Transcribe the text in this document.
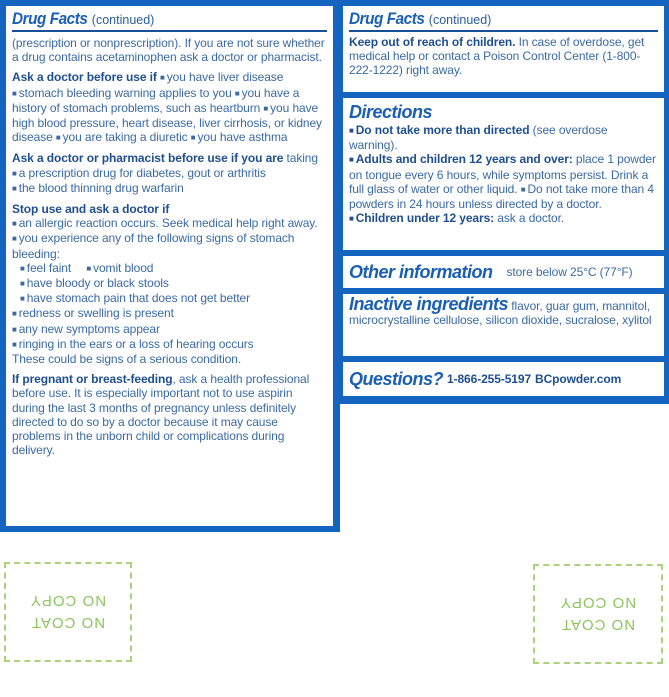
Drug Facts (continued)
(prescription or nonprescription). If you are not sure whether a drug contains acetaminophen ask a doctor or pharmacist.
Ask a doctor before use if ■ you have liver disease ■ stomach bleeding warning applies to you ■ you have a history of stomach problems, such as heartburn ■ you have high blood pressure, heart disease, liver cirrhosis, or kidney disease ■ you are taking a diuretic ■ you have asthma
Ask a doctor or pharmacist before use if you are taking
■ a prescription drug for diabetes, gout or arthritis
■ the blood thinning drug warfarin
Stop use and ask a doctor if
■ an allergic reaction occurs. Seek medical help right away. ■ you experience any of the following signs of stomach bleeding:
■ feel faint ■ vomit blood
■ have bloody or black stools
■ have stomach pain that does not get better
■ redness or swelling is present
■ any new symptoms appear
■ ringing in the ears or a loss of hearing occurs
These could be signs of a serious condition.
If pregnant or breast-feeding, ask a health professional before use. It is especially important not to use aspirin during the last 3 months of pregnancy unless definitely directed to do so by a doctor because it may cause problems in the unborn child or complications during delivery.
Drug Facts (continued)
Keep out of reach of children. In case of overdose, get medical help or contact a Poison Control Center (1-800-222-1222) right away.
Directions
■ Do not take more than directed (see overdose warning).
■ Adults and children 12 years and over: place 1 powder on tongue every 6 hours, while symptoms persist. Drink a full glass of water or other liquid. ■ Do not take more than 4 powders in 24 hours unless directed by a doctor.
■ Children under 12 years: ask a doctor.
Other information store below 25°C (77°F)
Inactive ingredients flavor, guar gum, mannitol, microcrystalline cellulose, silicon dioxide, sucralose, xylitol
Questions? 1-866-255-5197 BCpowder.com
NO COAT
NO COPY
NO COAT
NO COPY
